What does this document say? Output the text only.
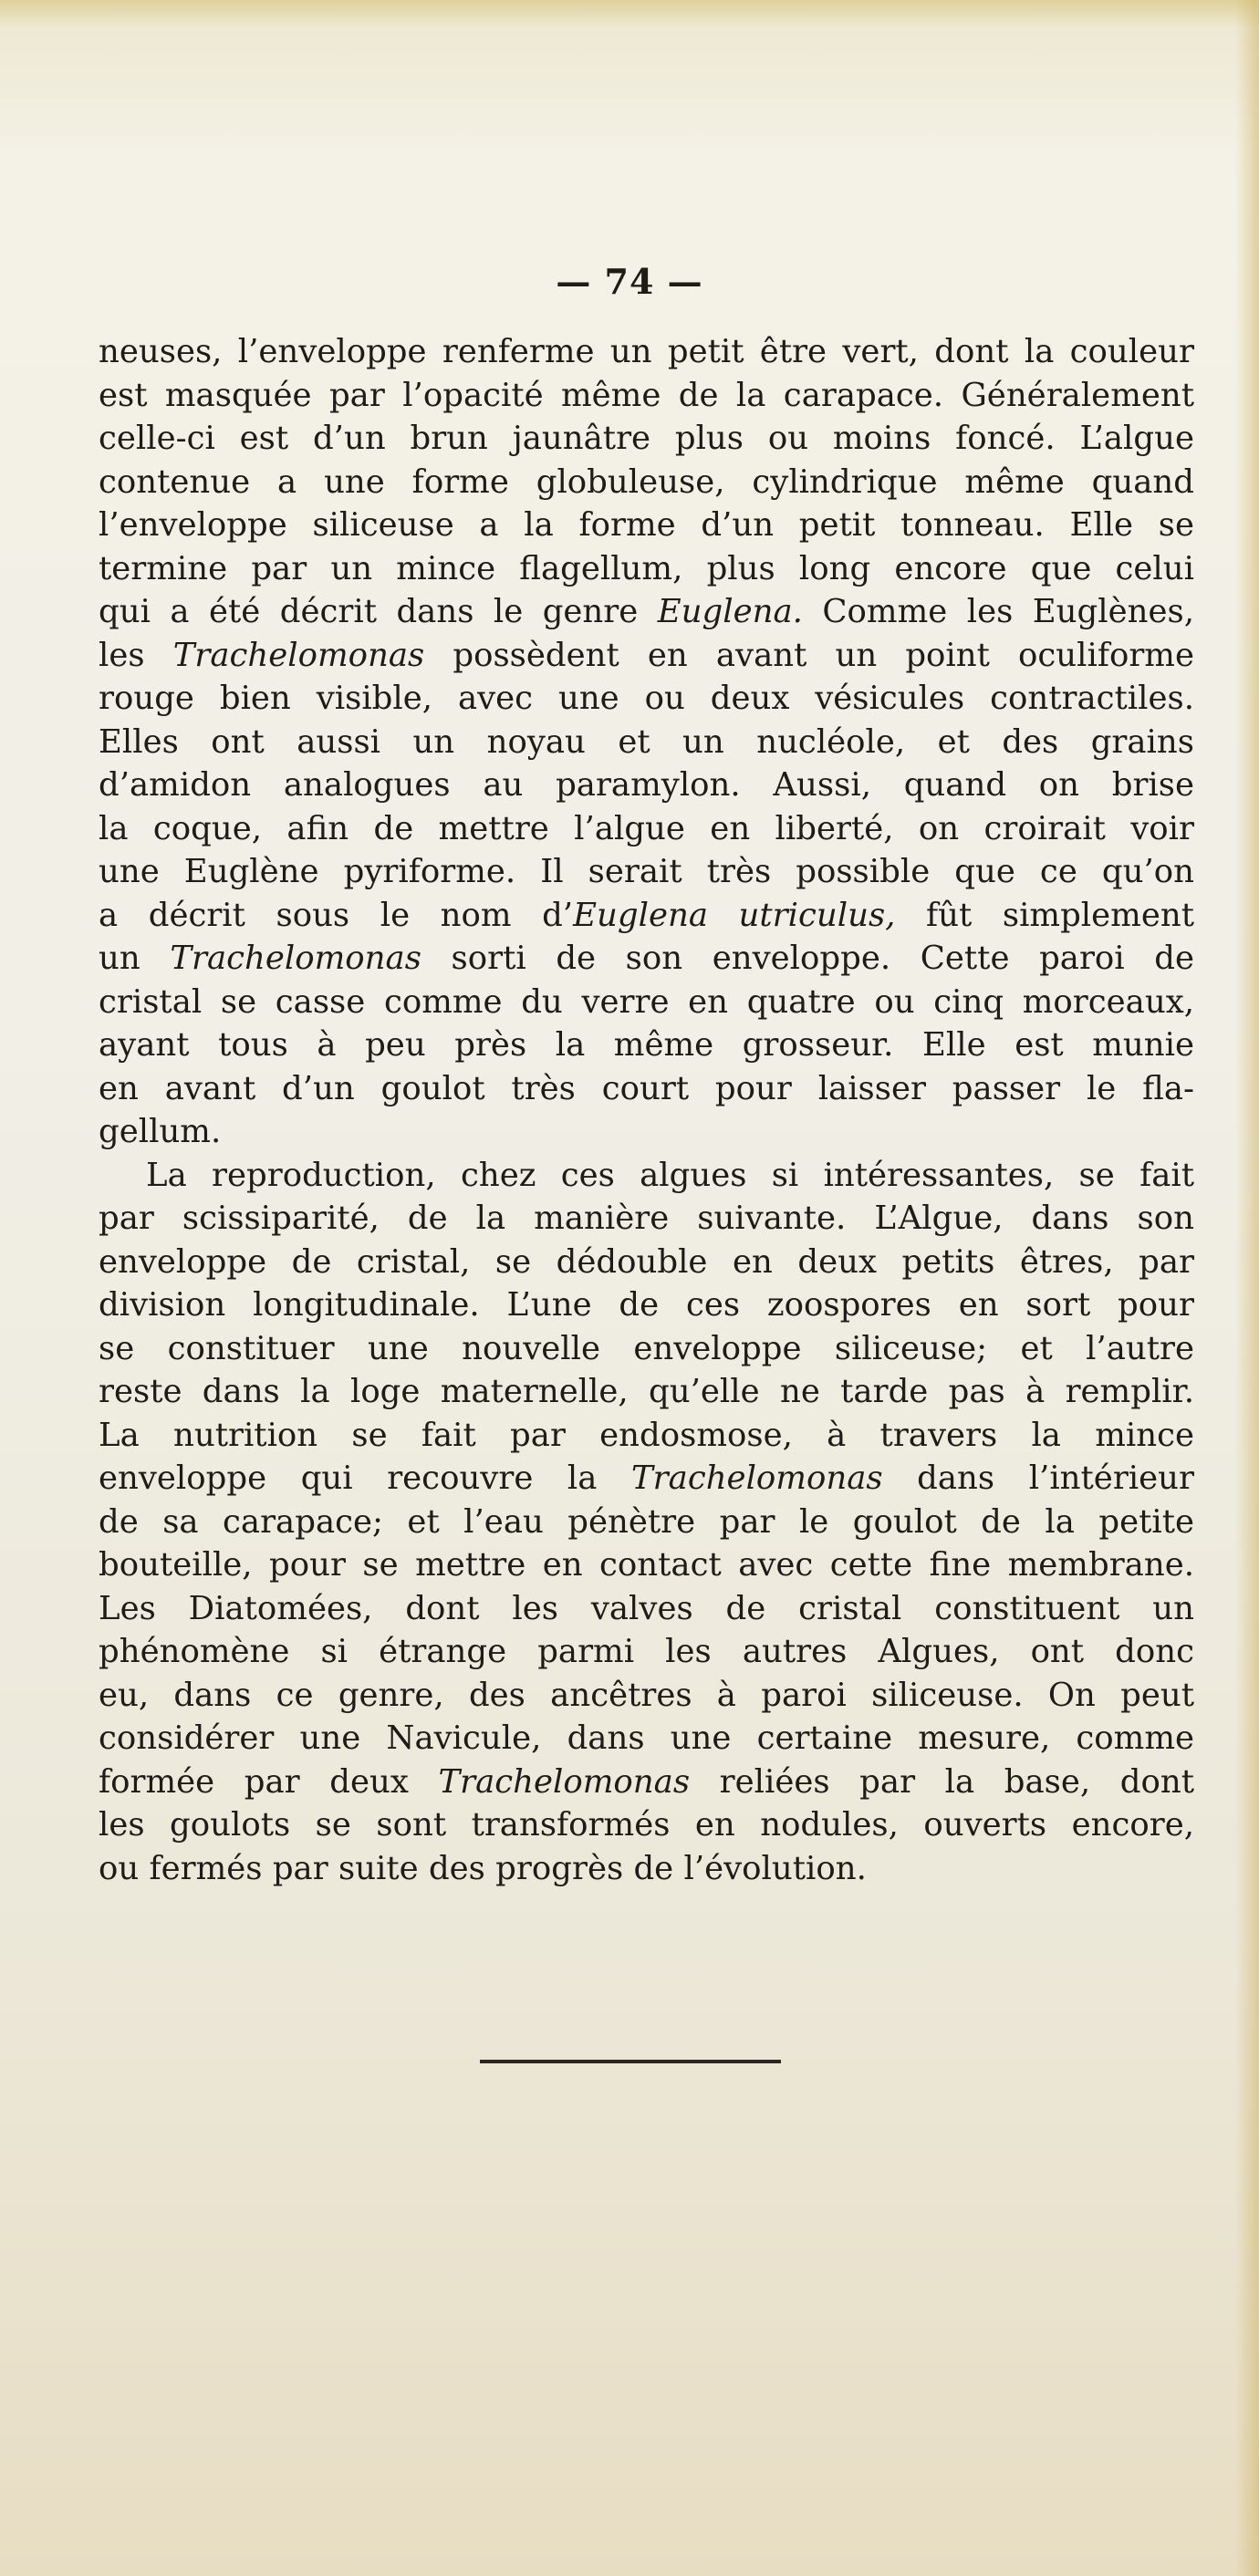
— 74 —

neuses, l’enveloppe renferme un petit être vert, dont la couleur
est masquée par l’opacité même de la carapace. Généralement
celle-ci est d’un brun jaunâtre plus ou moins foncé. L’algue
contenue a une forme globuleuse, cylindrique même quand
l’enveloppe siliceuse a la forme d’un petit tonneau. Elle se
termine par un mince flagellum, plus long encore que celui
qui a été décrit dans le genre Euglena. Comme les Euglènes,
les Trachelomonas possèdent en avant un point oculiforme
rouge bien visible, avec une ou deux vésicules contractiles.
Elles ont aussi un noyau et un nucléole, et des grains
d’amidon analogues au paramylon. Aussi, quand on brise
la coque, afin de mettre l’algue en liberté, on croirait voir
une Euglène pyriforme. Il serait très possible que ce qu’on
a décrit sous le nom d’Euglena utriculus, fût simplement
un Trachelomonas sorti de son enveloppe. Cette paroi de
cristal se casse comme du verre en quatre ou cinq morceaux,
ayant tous à peu près la même grosseur. Elle est munie
en avant d’un goulot très court pour laisser passer le fla-
gellum.
La reproduction, chez ces algues si intéressantes, se fait
par scissiparité, de la manière suivante. L’Algue, dans son
enveloppe de cristal, se dédouble en deux petits êtres, par
division longitudinale. L’une de ces zoospores en sort pour
se constituer une nouvelle enveloppe siliceuse; et l’autre
reste dans la loge maternelle, qu’elle ne tarde pas à remplir.
La nutrition se fait par endosmose, à travers la mince
enveloppe qui recouvre la Trachelomonas dans l’intérieur
de sa carapace; et l’eau pénètre par le goulot de la petite
bouteille, pour se mettre en contact avec cette fine membrane.
Les Diatomées, dont les valves de cristal constituent un
phénomène si étrange parmi les autres Algues, ont donc
eu, dans ce genre, des ancêtres à paroi siliceuse. On peut
considérer une Navicule, dans une certaine mesure, comme
formée par deux Trachelomonas reliées par la base, dont
les goulots se sont transformés en nodules, ouverts encore,
ou fermés par suite des progrès de l’évolution.
